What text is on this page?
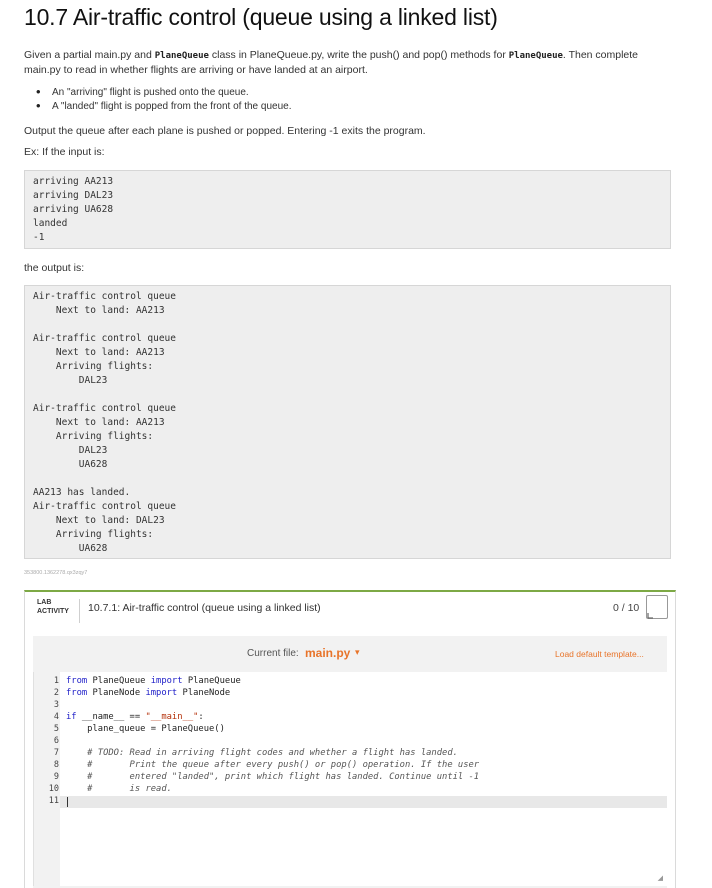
10.7 Air-traffic control (queue using a linked list)
Given a partial main.py and PlaneQueue class in PlaneQueue.py, write the push() and pop() methods for PlaneQueue. Then complete
main.py to read in whether flights are arriving or have landed at an airport.
• An "arriving" flight is pushed onto the queue.
• A "landed" flight is popped from the front of the queue.
Output the queue after each plane is pushed or popped. Entering -1 exits the program.
Ex: If the input is:
arriving AA213
arriving DAL23
arriving UA628
landed
-1
the output is:
Air-traffic control queue
Next to land: AA213

Air-traffic control queue
Next to land: AA213
Arriving flights:
DAL23

Air-traffic control queue
Next to land: AA213
Arriving flights:
DAL23
UA628

AA213 has landed.
Air-traffic control queue
Next to land: DAL23
Arriving flights:
UA628
353800.1362278.qx3zqy7
LAB
ACTIVITY 10.7.1: Air-traffic control (queue using a linked list)	0 / 10
Current file: main.py ▾	Load default template...
1
2
3
4
5
6
7
8
9
10
11
from PlaneQueue import PlaneQueue
from PlaneNode import PlaneNode
if __name__ == "__main__":
plane_queue = PlaneQueue()
# TODO: Read in arriving flight codes and whether a flight has landed.
#       Print the queue after every push() or pop() operation. If the user
#       entered "landed", print which flight has landed. Continue until -1
#       is read.
◢
